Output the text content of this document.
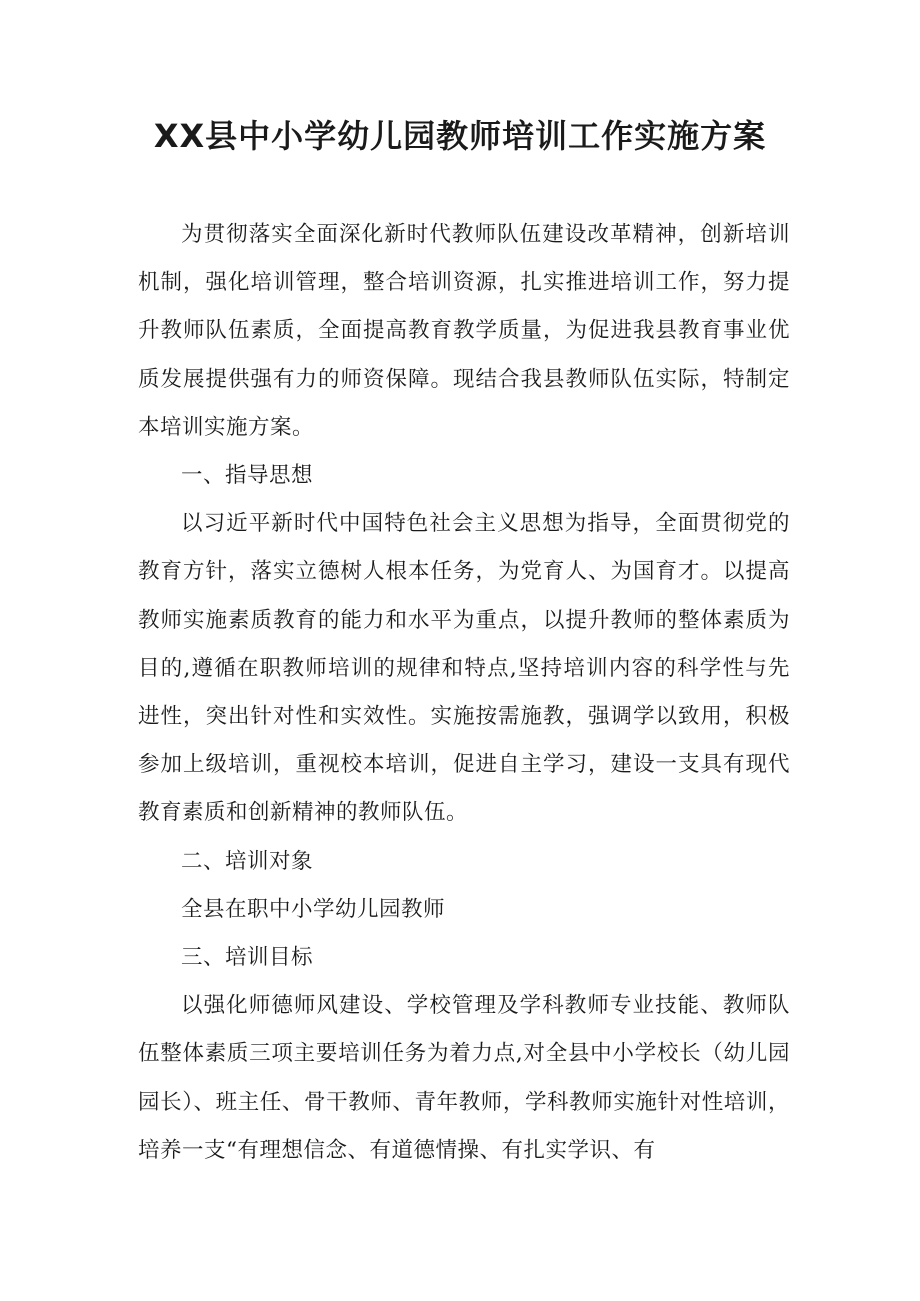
XX县中小学幼儿园教师培训工作实施方案

为贯彻落实全面深化新时代教师队伍建设改革精神，创新培训机制，强化培训管理，整合培训资源，扎实推进培训工作，努力提升教师队伍素质，全面提高教育教学质量，为促进我县教育事业优质发展提供强有力的师资保障。现结合我县教师队伍实际，特制定本培训实施方案。

一、指导思想

以习近平新时代中国特色社会主义思想为指导，全面贯彻党的教育方针，落实立德树人根本任务，为党育人、为国育才。以提高教师实施素质教育的能力和水平为重点，以提升教师的整体素质为目的,遵循在职教师培训的规律和特点,坚持培训内容的科学性与先进性，突出针对性和实效性。实施按需施教，强调学以致用，积极参加上级培训，重视校本培训，促进自主学习，建设一支具有现代教育素质和创新精神的教师队伍。

二、培训对象

全县在职中小学幼儿园教师

三、培训目标

以强化师德师风建设、学校管理及学科教师专业技能、教师队伍整体素质三项主要培训任务为着力点,对全县中小学校长（幼儿园园长）、班主任、骨干教师、青年教师，学科教师实施针对性培训，培养一支“有理想信念、有道德情操、有扎实学识、有
